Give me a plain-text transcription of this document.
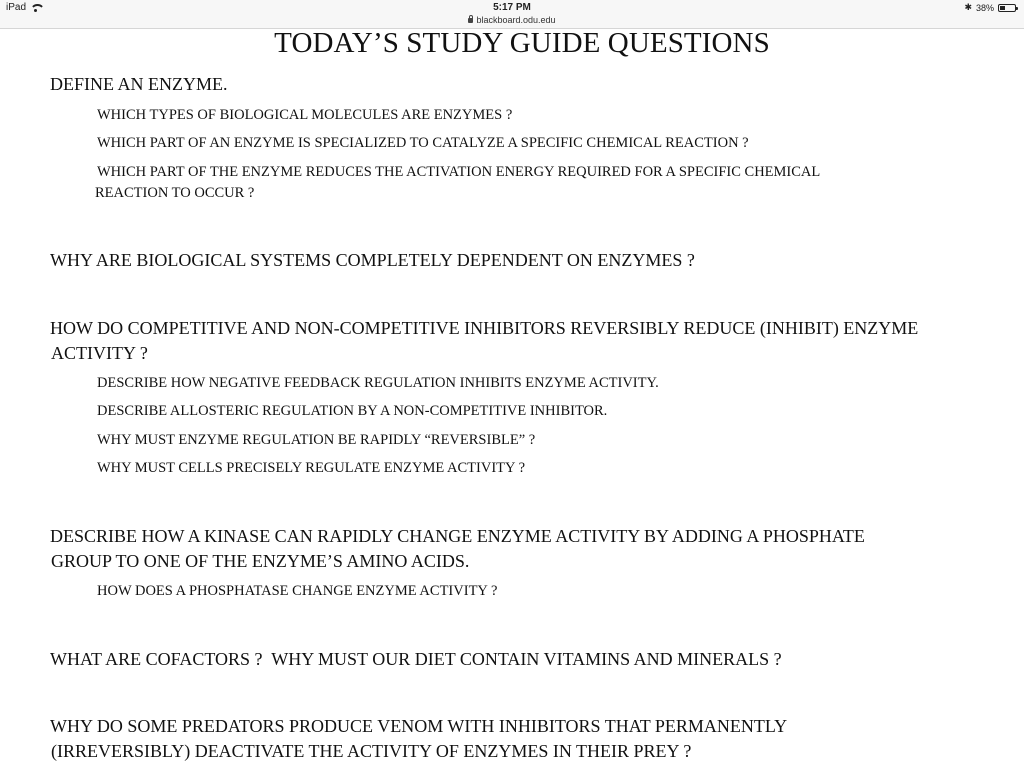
iPad	5:17 PM
blackboard.odu.edu
✱ 38%
TODAY’S STUDY GUIDE QUESTIONS
DEFINE AN ENZYME.
WHICH TYPES OF BIOLOGICAL MOLECULES ARE ENZYMES ?
WHICH PART OF AN ENZYME IS SPECIALIZED TO CATALYZE A SPECIFIC CHEMICAL REACTION ?
WHICH PART OF THE ENZYME REDUCES THE ACTIVATION ENERGY REQUIRED FOR A SPECIFIC CHEMICAL
REACTION TO OCCUR ?
WHY ARE BIOLOGICAL SYSTEMS COMPLETELY DEPENDENT ON ENZYMES ?
HOW DO COMPETITIVE AND NON-COMPETITIVE INHIBITORS REVERSIBLY REDUCE (INHIBIT) ENZYME
ACTIVITY ?
DESCRIBE HOW NEGATIVE FEEDBACK REGULATION INHIBITS ENZYME ACTIVITY.
DESCRIBE ALLOSTERIC REGULATION BY A NON-COMPETITIVE INHIBITOR.
WHY MUST ENZYME REGULATION BE RAPIDLY “REVERSIBLE” ?
WHY MUST CELLS PRECISELY REGULATE ENZYME ACTIVITY ?
DESCRIBE HOW A KINASE CAN RAPIDLY CHANGE ENZYME ACTIVITY BY ADDING A PHOSPHATE
GROUP TO ONE OF THE ENZYME’S AMINO ACIDS.
HOW DOES A PHOSPHATASE CHANGE ENZYME ACTIVITY ?
WHAT ARE COFACTORS ?  WHY MUST OUR DIET CONTAIN VITAMINS AND MINERALS ?
WHY DO SOME PREDATORS PRODUCE VENOM WITH INHIBITORS THAT PERMANENTLY
(IRREVERSIBLY) DEACTIVATE THE ACTIVITY OF ENZYMES IN THEIR PREY ?
